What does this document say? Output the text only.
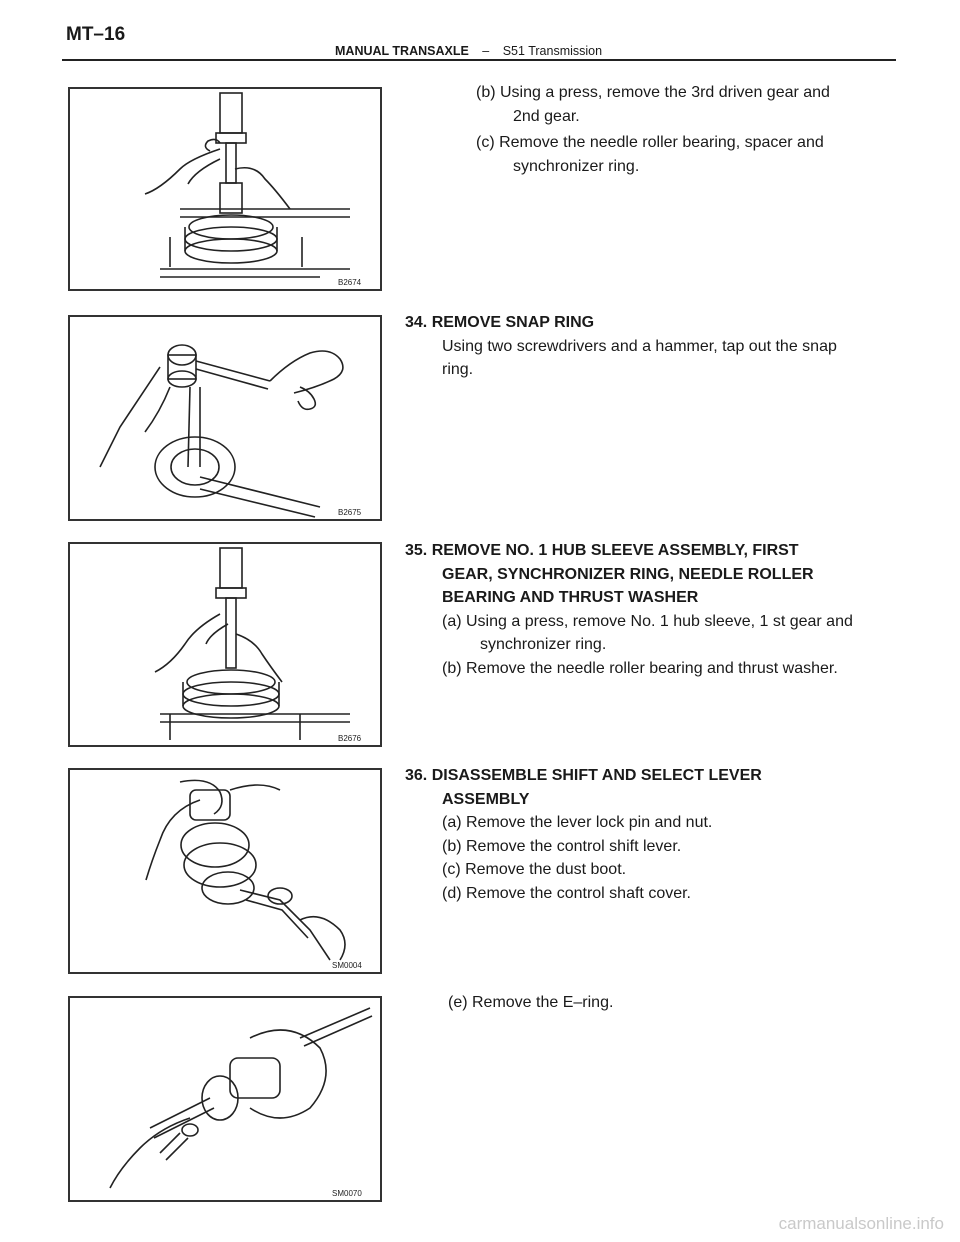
MT–16
MANUAL TRANSAXLE – S51 Transmission
B2674
B2675
B2676
SM0004
SM0070
(b) Using a press, remove the 3rd driven gear and
2nd gear.
(c) Remove the needle roller bearing, spacer and
synchronizer ring.
34. REMOVE SNAP RING
Using two screwdrivers and a hammer, tap out the snap
ring.
35. REMOVE NO. 1 HUB SLEEVE ASSEMBLY, FIRST
GEAR, SYNCHRONIZER RING, NEEDLE ROLLER
BEARING AND THRUST WASHER
(a) Using a press, remove No. 1 hub sleeve, 1 st gear and
synchronizer ring.
(b) Remove the needle roller bearing and thrust washer.
36. DISASSEMBLE SHIFT AND SELECT LEVER
ASSEMBLY
(a) Remove the lever lock pin and nut.
(b) Remove the control shift lever.
(c) Remove the dust boot.
(d) Remove the control shaft cover.
(e) Remove the E–ring.
carmanualsonline.info
